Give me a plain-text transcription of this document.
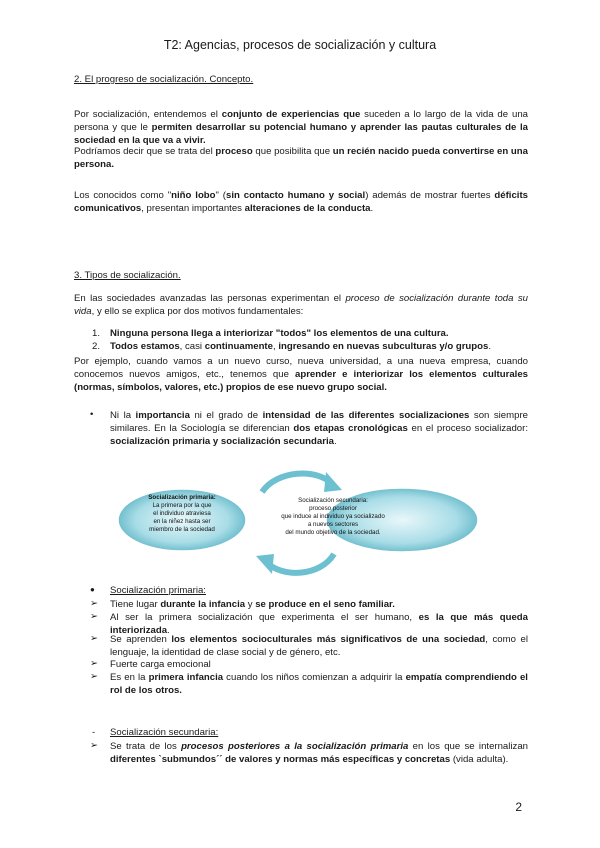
T2: Agencias, procesos de socialización y cultura
2. El progreso de socialización. Concepto.
Por socialización, entendemos el conjunto de experiencias que suceden a lo largo de la vida de una persona y que le permiten desarrollar su potencial humano y aprender las pautas culturales de la sociedad en la que va a vivir.
Podríamos decir que se trata del proceso que posibilita que un recién nacido pueda convertirse en una persona.
Los conocidos como "niño lobo" (sin contacto humano y social) además de mostrar fuertes déficits comunicativos, presentan importantes alteraciones de la conducta.
3. Tipos de socialización.
En las sociedades avanzadas las personas experimentan el proceso de socialización durante toda su vida, y ello se explica por dos motivos fundamentales:
1. Ninguna persona llega a interiorizar "todos" los elementos de una cultura.
2. Todos estamos, casi continuamente, ingresando en nuevas subculturas y/o grupos.
Por ejemplo, cuando vamos a un nuevo curso, nueva universidad, a una nueva empresa, cuando conocemos nuevos amigos, etc., tenemos que aprender e interiorizar los elementos culturales (normas, símbolos, valores, etc.) propios de ese nuevo grupo social.
• Ni la importancia ni el grado de intensidad de las diferentes socializaciones son siempre similares. En la Sociología se diferencian dos etapas cronológicas en el proceso socializador: socialización primaria y socialización secundaria.
Socialización primaria:
La primera por la que
el individuo atraviesa
en la niñez hasta ser
miembro de la sociedad
Socialización secundaria:
proceso posterior
que induce al individuo ya socializado
a nuevos sectores
del mundo objetivo de la sociedad.
● Socialización primaria:
➢ Tiene lugar durante la infancia y se produce en el seno familiar.
➢ Al ser la primera socialización que experimenta el ser humano, es la que más queda interiorizada.
➢ Se aprenden los elementos socioculturales más significativos de una sociedad, como el lenguaje, la identidad de clase social y de género, etc.
➢ Fuerte carga emocional
➢ Es en la primera infancia cuando los niños comienzan a adquirir la empatía comprendiendo el rol de los otros.
- Socialización secundaria:
➢ Se trata de los procesos posteriores a la socialización primaria en los que se internalizan diferentes `submundos´´ de valores y normas más específicas y concretas (vida adulta).
2
